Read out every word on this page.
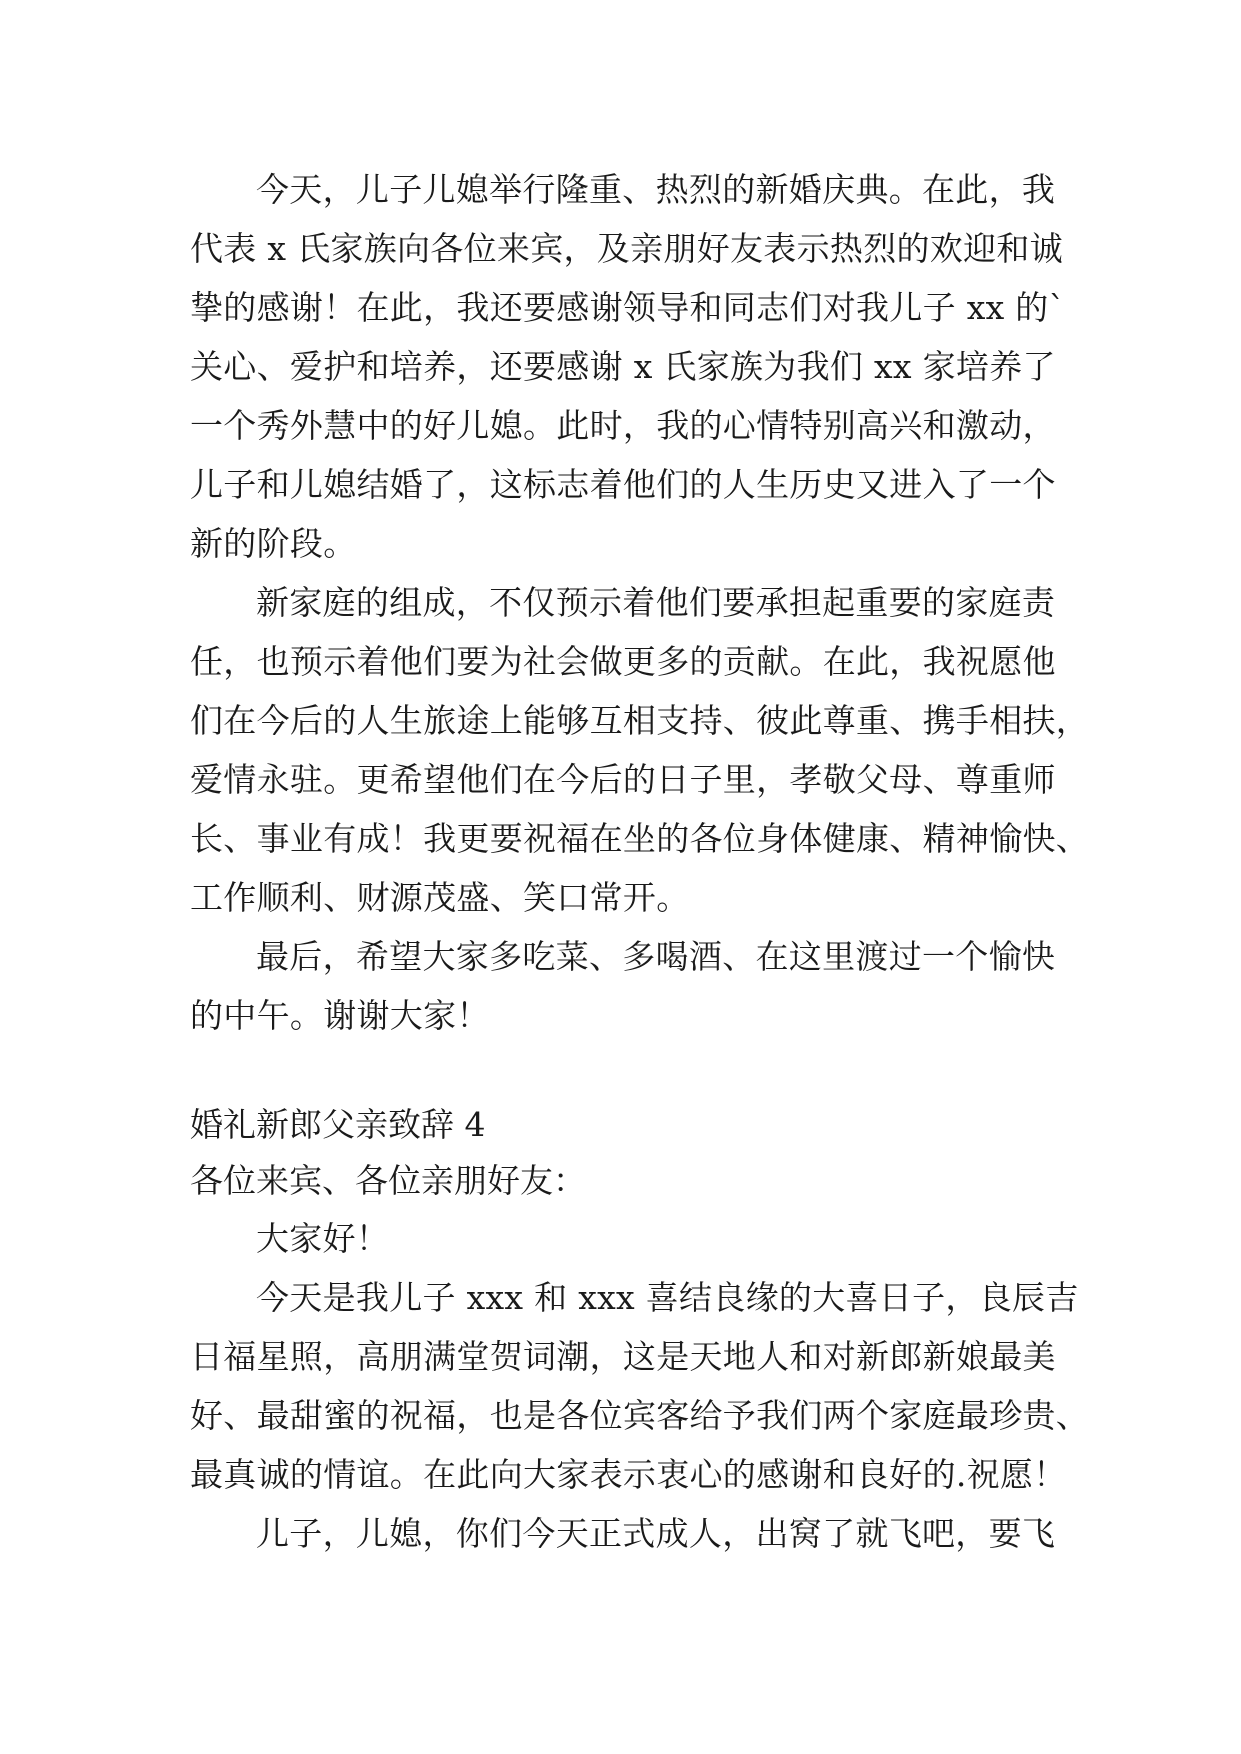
今天，儿子儿媳举行隆重、热烈的新婚庆典。在此，我
代表 x 氏家族向各位来宾，及亲朋好友表示热烈的欢迎和诚
挚的感谢！在此，我还要感谢领导和同志们对我儿子 xx 的`
关心、爱护和培养，还要感谢 x 氏家族为我们 xx 家培养了
一个秀外慧中的好儿媳。此时，我的心情特别高兴和激动，
儿子和儿媳结婚了，这标志着他们的人生历史又进入了一个
新的阶段。
新家庭的组成，不仅预示着他们要承担起重要的家庭责
任，也预示着他们要为社会做更多的贡献。在此，我祝愿他
们在今后的人生旅途上能够互相支持、彼此尊重、携手相扶，
爱情永驻。更希望他们在今后的日子里，孝敬父母、尊重师
长、事业有成！我更要祝福在坐的各位身体健康、精神愉快、
工作顺利、财源茂盛、笑口常开。
最后，希望大家多吃菜、多喝酒、在这里渡过一个愉快
的中午。谢谢大家！
婚礼新郎父亲致辞 4
各位来宾、各位亲朋好友：
大家好！
今天是我儿子 xxx 和 xxx 喜结良缘的大喜日子，良辰吉
日福星照，高朋满堂贺词潮，这是天地人和对新郎新娘最美
好、最甜蜜的祝福，也是各位宾客给予我们两个家庭最珍贵、
最真诚的情谊。在此向大家表示衷心的感谢和良好的.祝愿！
儿子，儿媳，你们今天正式成人，出窝了就飞吧，要飞
